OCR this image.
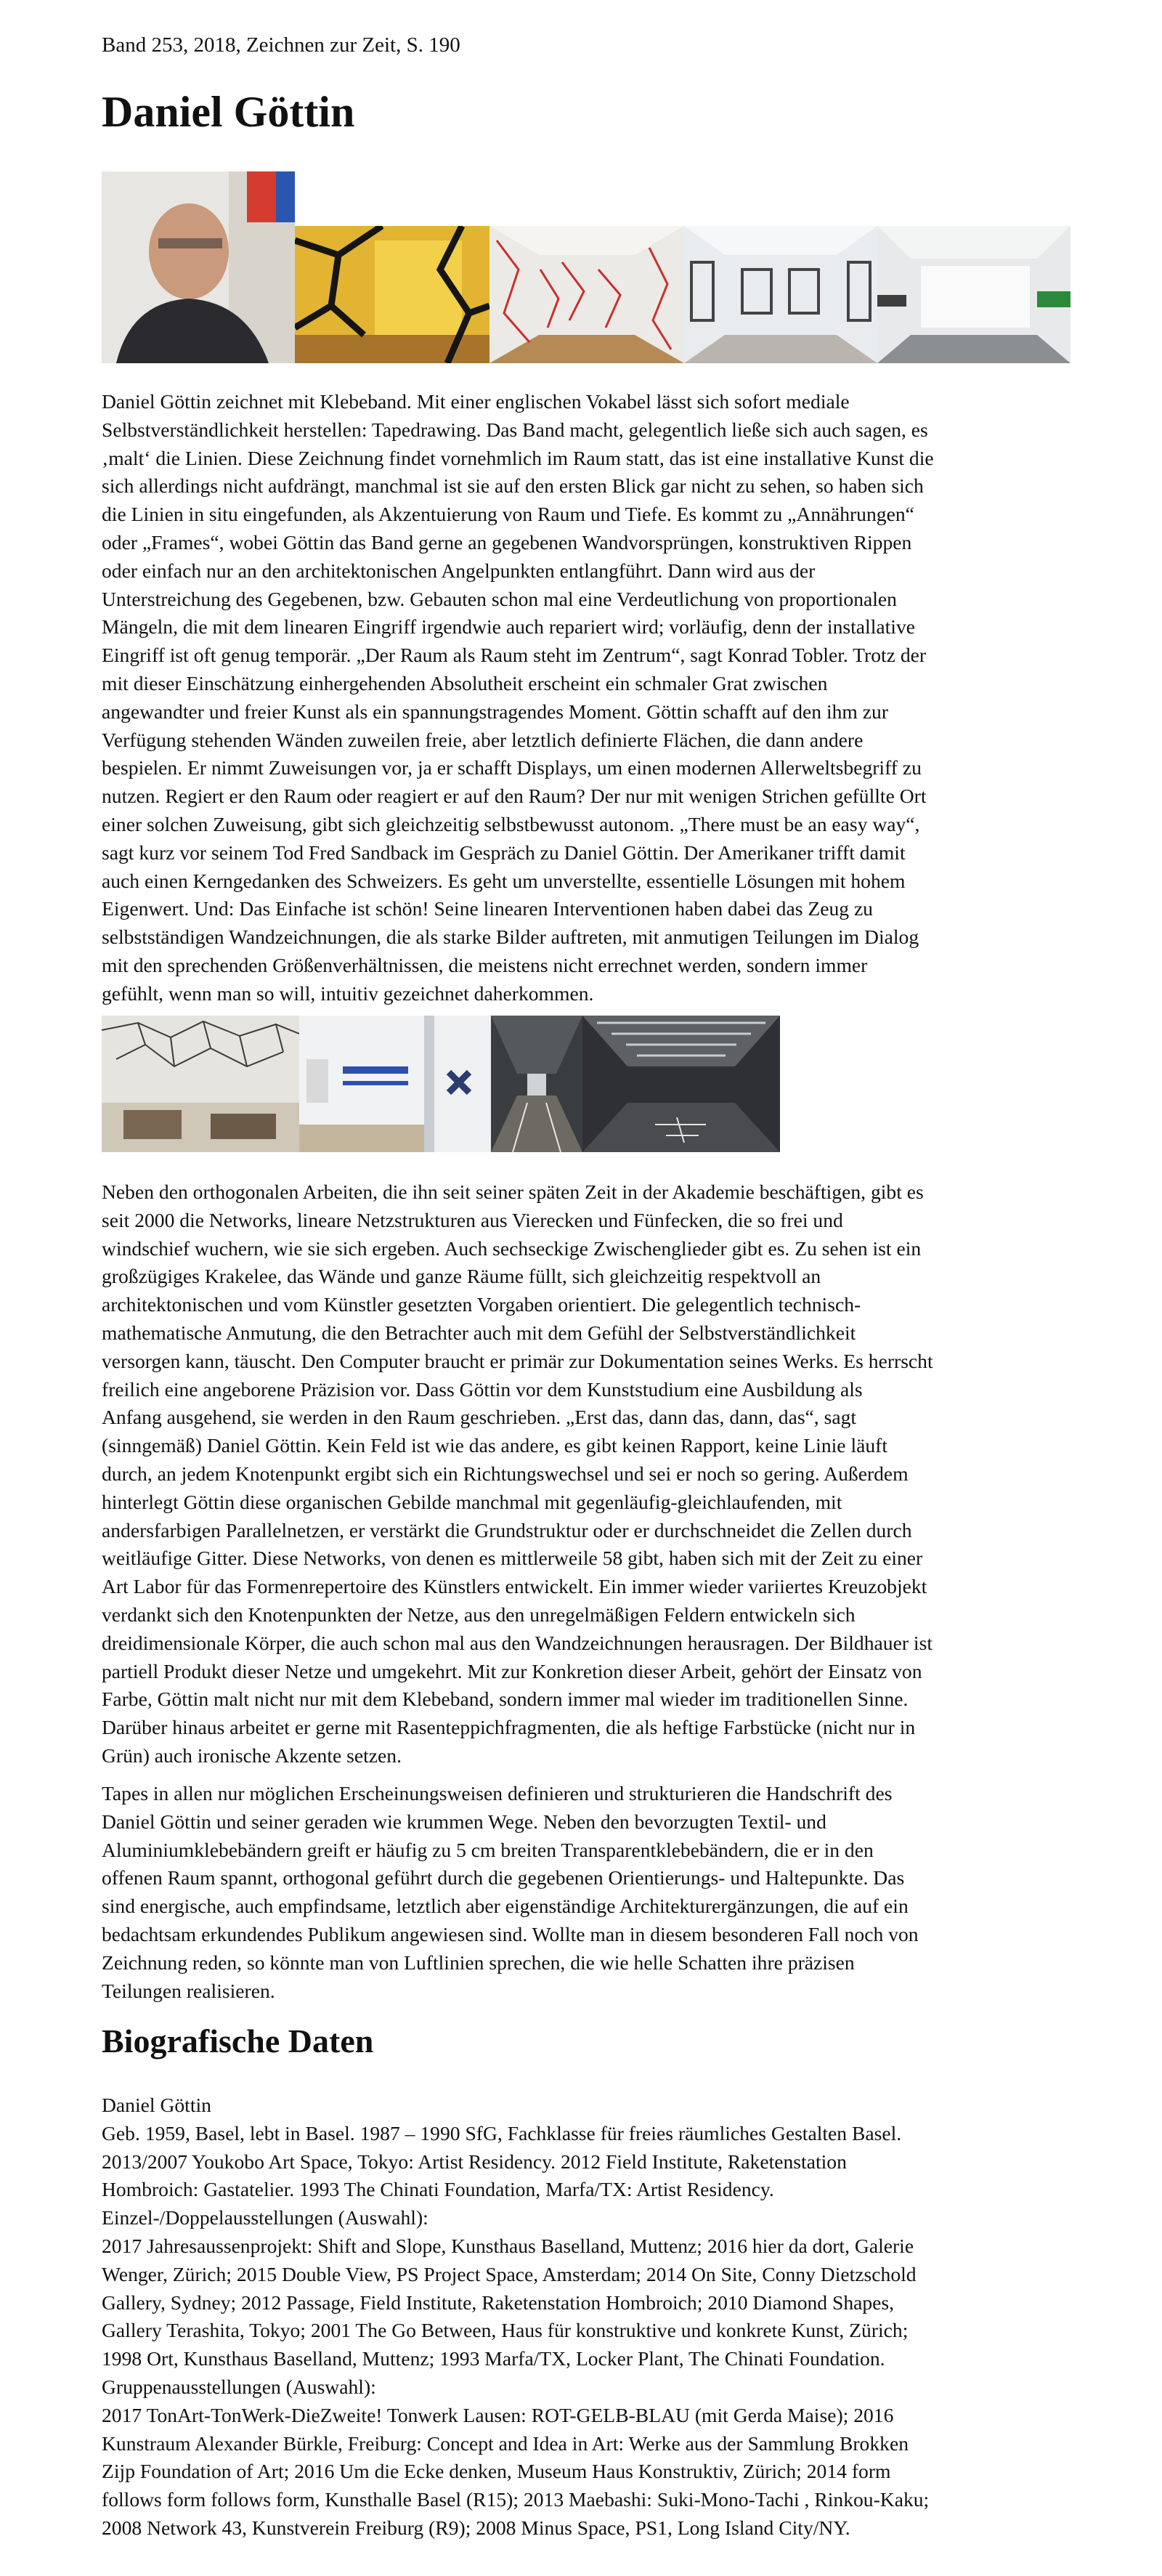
Band 253, 2018, Zeichnen zur Zeit, S. 190
Daniel Göttin

Daniel Göttin zeichnet mit Klebeband. Mit einer englischen Vokabel lässt sich sofort mediale
Selbstverständlichkeit herstellen: Tapedrawing. Das Band macht, gelegentlich ließe sich auch sagen, es
‚malt‘ die Linien. Diese Zeichnung findet vornehmlich im Raum statt, das ist eine installative Kunst die
sich allerdings nicht aufdrängt, manchmal ist sie auf den ersten Blick gar nicht zu sehen, so haben sich
die Linien in situ eingefunden, als Akzentuierung von Raum und Tiefe. Es kommt zu „Annährungen“
oder „Frames“, wobei Göttin das Band gerne an gegebenen Wandvorsprüngen, konstruktiven Rippen
oder einfach nur an den architektonischen Angelpunkten entlangführt. Dann wird aus der
Unterstreichung des Gegebenen, bzw. Gebauten schon mal eine Verdeutlichung von proportionalen
Mängeln, die mit dem linearen Eingriff irgendwie auch repariert wird; vorläufig, denn der installative
Eingriff ist oft genug temporär. „Der Raum als Raum steht im Zentrum“, sagt Konrad Tobler. Trotz der
mit dieser Einschätzung einhergehenden Absolutheit erscheint ein schmaler Grat zwischen
angewandter und freier Kunst als ein spannungstragendes Moment. Göttin schafft auf den ihm zur
Verfügung stehenden Wänden zuweilen freie, aber letztlich definierte Flächen, die dann andere
bespielen. Er nimmt Zuweisungen vor, ja er schafft Displays, um einen modernen Allerweltsbegriff zu
nutzen. Regiert er den Raum oder reagiert er auf den Raum? Der nur mit wenigen Strichen gefüllte Ort
einer solchen Zuweisung, gibt sich gleichzeitig selbstbewusst autonom. „There must be an easy way“,
sagt kurz vor seinem Tod Fred Sandback im Gespräch zu Daniel Göttin. Der Amerikaner trifft damit
auch einen Kerngedanken des Schweizers. Es geht um unverstellte, essentielle Lösungen mit hohem
Eigenwert. Und: Das Einfache ist schön! Seine linearen Interventionen haben dabei das Zeug zu
selbstständigen Wandzeichnungen, die als starke Bilder auftreten, mit anmutigen Teilungen im Dialog
mit den sprechenden Größenverhältnissen, die meistens nicht errechnet werden, sondern immer
gefühlt, wenn man so will, intuitiv gezeichnet daherkommen.

Neben den orthogonalen Arbeiten, die ihn seit seiner späten Zeit in der Akademie beschäftigen, gibt es
seit 2000 die Networks, lineare Netzstrukturen aus Vierecken und Fünfecken, die so frei und
windschief wuchern, wie sie sich ergeben. Auch sechseckige Zwischenglieder gibt es. Zu sehen ist ein
großzügiges Krakelee, das Wände und ganze Räume füllt, sich gleichzeitig respektvoll an
architektonischen und vom Künstler gesetzten Vorgaben orientiert. Die gelegentlich technisch-
mathematische Anmutung, die den Betrachter auch mit dem Gefühl der Selbstverständlichkeit
versorgen kann, täuscht. Den Computer braucht er primär zur Dokumentation seines Werks. Es herrscht
freilich eine angeborene Präzision vor. Dass Göttin vor dem Kunststudium eine Ausbildung als
Anfang ausgehend, sie werden in den Raum geschrieben. „Erst das, dann das, dann, das“, sagt
(sinngemäß) Daniel Göttin. Kein Feld ist wie das andere, es gibt keinen Rapport, keine Linie läuft
durch, an jedem Knotenpunkt ergibt sich ein Richtungswechsel und sei er noch so gering. Außerdem
hinterlegt Göttin diese organischen Gebilde manchmal mit gegenläufig-gleichlaufenden, mit
andersfarbigen Parallelnetzen, er verstärkt die Grundstruktur oder er durchschneidet die Zellen durch
weitläufige Gitter. Diese Networks, von denen es mittlerweile 58 gibt, haben sich mit der Zeit zu einer
Art Labor für das Formenrepertoire des Künstlers entwickelt. Ein immer wieder variiertes Kreuzobjekt
verdankt sich den Knotenpunkten der Netze, aus den unregelmäßigen Feldern entwickeln sich
dreidimensionale Körper, die auch schon mal aus den Wandzeichnungen herausragen. Der Bildhauer ist
partiell Produkt dieser Netze und umgekehrt. Mit zur Konkretion dieser Arbeit, gehört der Einsatz von
Farbe, Göttin malt nicht nur mit dem Klebeband, sondern immer mal wieder im traditionellen Sinne.
Darüber hinaus arbeitet er gerne mit Rasenteppichfragmenten, die als heftige Farbstücke (nicht nur in
Grün) auch ironische Akzente setzen.

Tapes in allen nur möglichen Erscheinungsweisen definieren und strukturieren die Handschrift des
Daniel Göttin und seiner geraden wie krummen Wege. Neben den bevorzugten Textil- und
Aluminiumklebebändern greift er häufig zu 5 cm breiten Transparentklebebändern, die er in den
offenen Raum spannt, orthogonal geführt durch die gegebenen Orientierungs- und Haltepunkte. Das
sind energische, auch empfindsame, letztlich aber eigenständige Architekturergänzungen, die auf ein
bedachtsam erkundendes Publikum angewiesen sind. Wollte man in diesem besonderen Fall noch von
Zeichnung reden, so könnte man von Luftlinien sprechen, die wie helle Schatten ihre präzisen
Teilungen realisieren.

Biografische Daten

Daniel Göttin
Geb. 1959, Basel, lebt in Basel. 1987 – 1990 SfG, Fachklasse für freies räumliches Gestalten Basel.
2013/2007 Youkobo Art Space, Tokyo: Artist Residency. 2012 Field Institute, Raketenstation
Hombroich: Gastatelier. 1993 The Chinati Foundation, Marfa/TX: Artist Residency.
Einzel-/Doppelausstellungen (Auswahl):
2017 Jahresaussenprojekt: Shift and Slope, Kunsthaus Baselland, Muttenz; 2016 hier da dort, Galerie
Wenger, Zürich; 2015 Double View, PS Project Space, Amsterdam; 2014 On Site, Conny Dietzschold
Gallery, Sydney; 2012 Passage, Field Institute, Raketenstation Hombroich; 2010 Diamond Shapes,
Gallery Terashita, Tokyo; 2001 The Go Between, Haus für konstruktive und konkrete Kunst, Zürich;
1998 Ort, Kunsthaus Baselland, Muttenz; 1993 Marfa/TX, Locker Plant, The Chinati Foundation.
Gruppenausstellungen (Auswahl):
2017 TonArt-TonWerk-DieZweite! Tonwerk Lausen: ROT-GELB-BLAU (mit Gerda Maise); 2016
Kunstraum Alexander Bürkle, Freiburg: Concept and Idea in Art: Werke aus der Sammlung Brokken
Zijp Foundation of Art; 2016 Um die Ecke denken, Museum Haus Konstruktiv, Zürich; 2014 form
follows form follows form, Kunsthalle Basel (R15); 2013 Maebashi: Suki-Mono-Tachi , Rinkou-Kaku;
2008 Network 43, Kunstverein Freiburg (R9); 2008 Minus Space, PS1, Long Island City/NY.
